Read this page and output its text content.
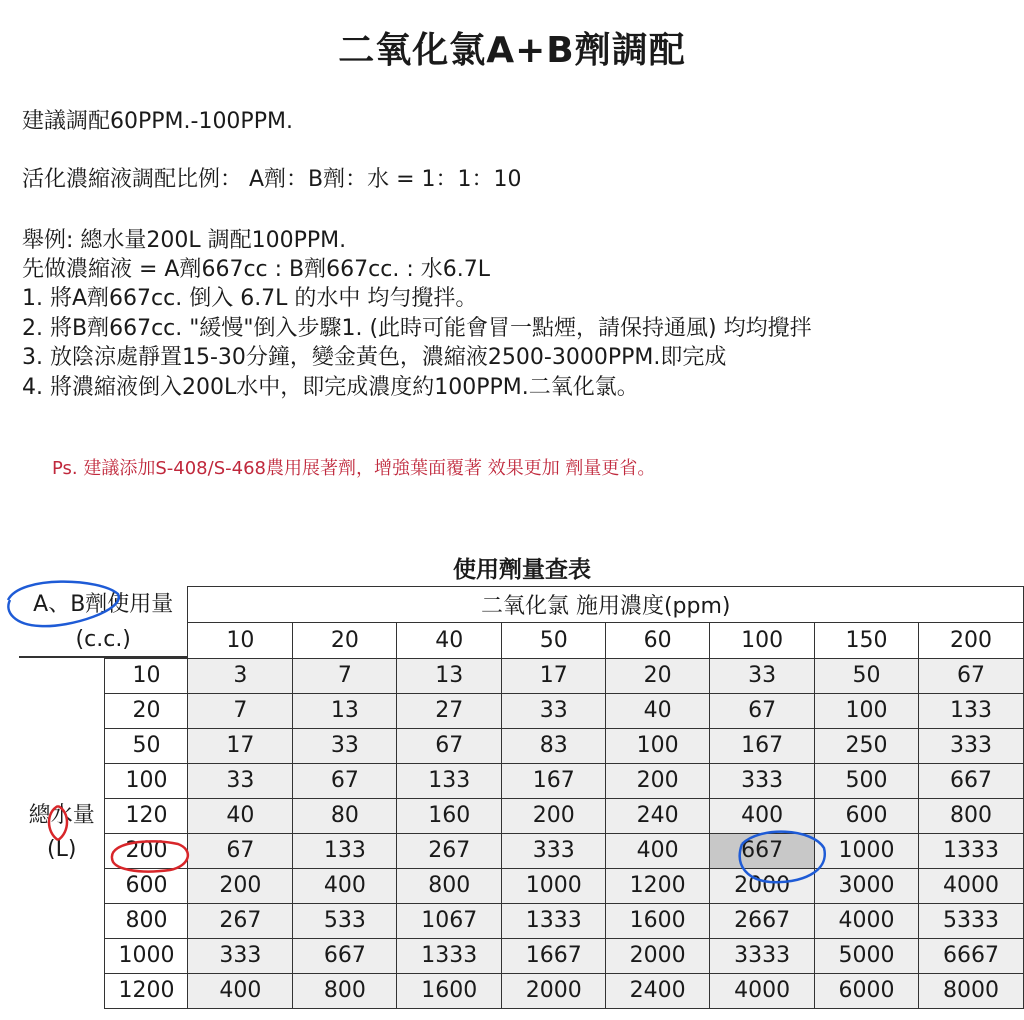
二氧化氯A+B劑調配
建議調配60PPM.-100PPM.
活化濃縮液調配比例： A劑：B劑：水 = 1：1：10
舉例: 總水量200L 調配100PPM.
先做濃縮液 = A劑667cc : B劑667cc. : 水6.7L
1. 將A劑667cc. 倒入 6.7L 的水中 均勻攪拌。
2. 將B劑667cc. "緩慢"倒入步驟1. (此時可能會冒一點煙，請保持通風) 均均攪拌
3. 放陰涼處靜置15-30分鐘，變金黃色，濃縮液2500-3000PPM.即完成
4. 將濃縮液倒入200L水中，即完成濃度約100PPM.二氧化氯。
Ps. 建議添加S-408/S-468農用展著劑，增強葉面覆著 效果更加 劑量更省。
使用劑量查表
A、B劑使用量
(c.c.)		二氧化氯 施用濃度(ppm)							
		10	20	40	50	60	100	150	200

總水量
(L)	10	3	7	13	17	20	33	50	67
	20	7	13	27	33	40	67	100	133
	50	17	33	67	83	100	167	250	333
	100	33	67	133	167	200	333	500	667
	120	40	80	160	200	240	400	600	800
	200	67	133	267	333	400	667	1000	1333
	600	200	400	800	1000	1200	2000	3000	4000
	800	267	533	1067	1333	1600	2667	4000	5333
	1000	333	667	1333	1667	2000	3333	5000	6667
	1200	400	800	1600	2000	2400	4000	6000	8000
